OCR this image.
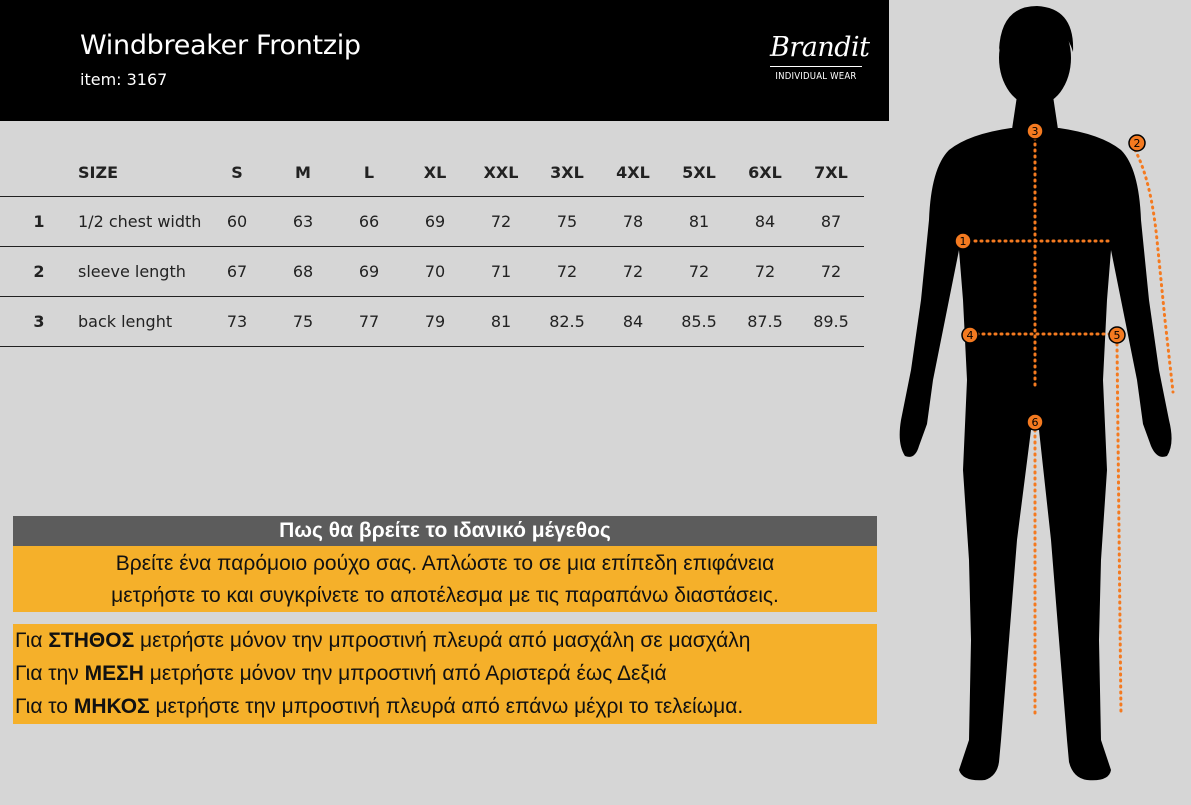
Windbreaker Frontzip
item: 3167
Brandit
INDIVIDUAL WEAR
	SIZE	S	M	L	XL	XXL	3XL	4XL	5XL	6XL	7XL
1	1/2 chest width	60	63	66	69	72	75	78	81	84	87
2	sleeve length	67	68	69	70	71	72	72	72	72	72
3	back lenght	73	75	77	79	81	82.5	84	85.5	87.5	89.5
Πως θα βρείτε το ιδανικό μέγεθος
Βρείτε ένα παρόμοιο ρούχο σας. Απλώστε το σε μια επίπεδη επιφάνεια
μετρήστε το και συγκρίνετε το αποτέλεσμα με τις παραπάνω διαστάσεις.
Για ΣΤΗΘΟΣ μετρήστε μόνον την μπροστινή πλευρά από μασχάλη σε μασχάλη
Για την ΜΕΣΗ μετρήστε μόνον την μπροστινή από Αριστερά έως Δεξιά
Για το ΜΗΚΟΣ μετρήστε την μπροστινή πλευρά από επάνω μέχρι το τελείωμα.
1
2
3
4	5
6
